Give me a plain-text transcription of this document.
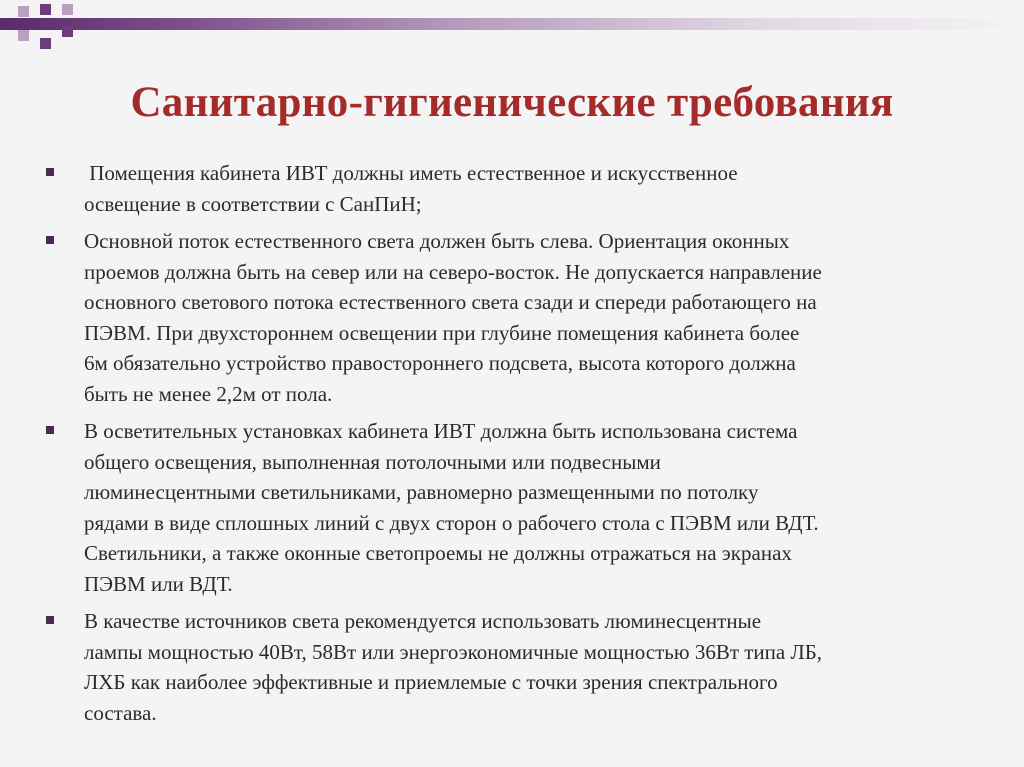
Санитарно-гигиенические требования
Помещения кабинета ИВТ должны иметь естественное и искусственное
освещение в соответствии с СанПиН;
Основной поток естественного света должен быть слева. Ориентация оконных
проемов должна быть на север или на северо-восток. Не допускается направление
основного светового потока естественного света сзади и спереди работающего на
ПЭВМ. При двухстороннем освещении при глубине помещения кабинета более
6м обязательно устройство правостороннего подсвета, высота которого должна
быть не менее 2,2м от пола.
В осветительных установках кабинета ИВТ должна быть использована система
общего освещения, выполненная потолочными или подвесными
люминесцентными светильниками, равномерно размещенными по потолку
рядами в виде сплошных линий с двух сторон о рабочего стола с ПЭВМ или ВДТ.
Светильники, а также оконные светопроемы не должны отражаться на экранах
ПЭВМ или ВДТ.
В качестве источников света рекомендуется использовать люминесцентные
лампы мощностью 40Вт, 58Вт или энергоэкономичные мощностью 36Вт типа ЛБ,
ЛХБ как наиболее эффективные и приемлемые с точки зрения спектрального
состава.
